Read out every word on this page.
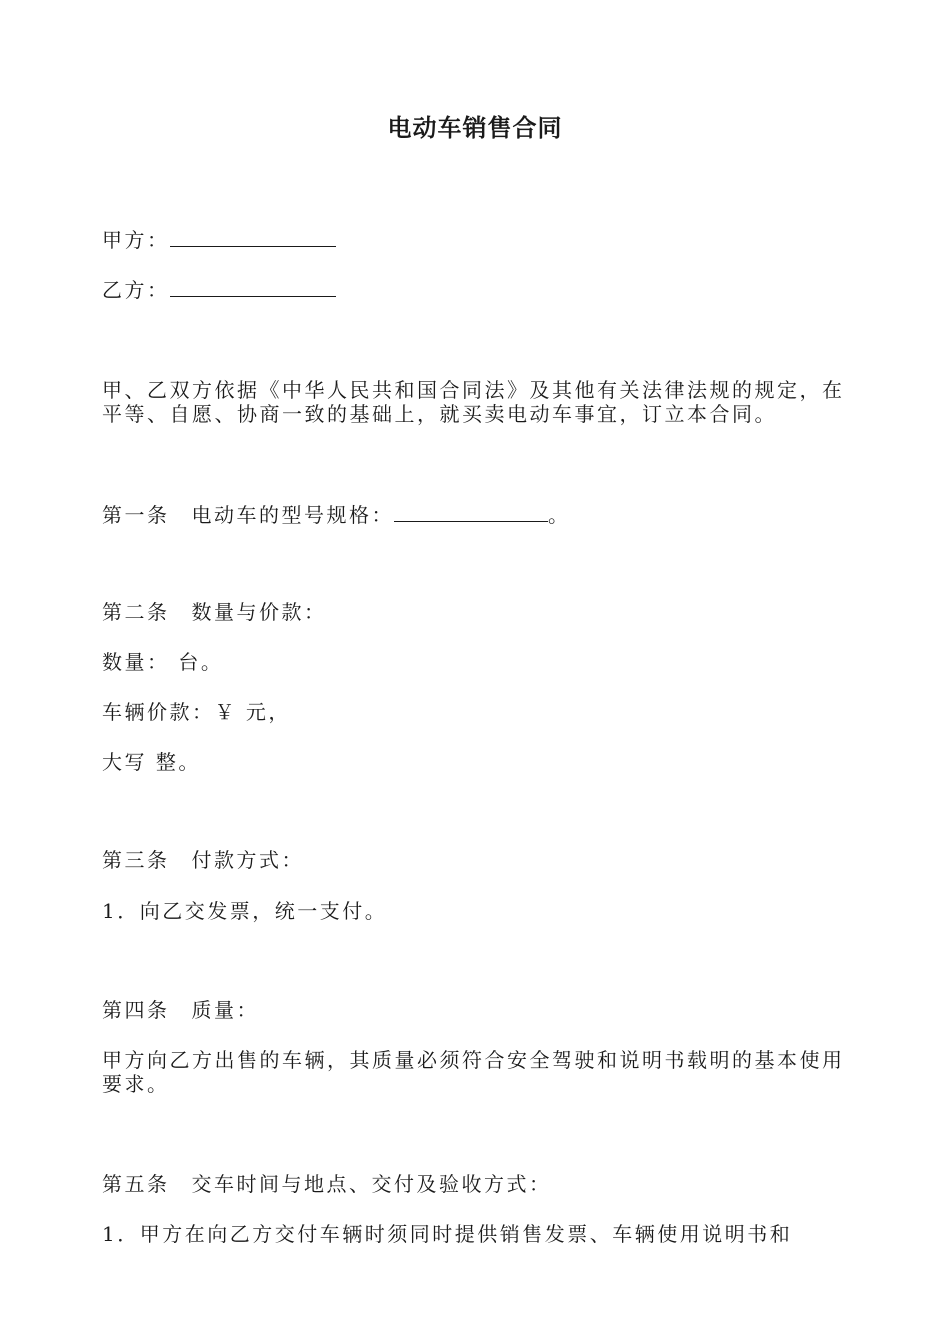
电动车销售合同
甲方：
乙方：
甲、乙双方依据《中华人民共和国合同法》及其他有关法律法规的规定，在平等、自愿、协商一致的基础上，就买卖电动车事宜，订立本合同。
第一条 电动车的型号规格：	。
第二条 数量与价款：
数量： 台。
车辆价款：￥ 元，
大写 整。
第三条 付款方式：
1．向乙交发票，统一支付。
第四条 质量：
甲方向乙方出售的车辆，其质量必须符合安全驾驶和说明书载明的基本使用要求。
第五条 交车时间与地点、交付及验收方式：
1．甲方在向乙方交付车辆时须同时提供销售发票、车辆使用说明书和
